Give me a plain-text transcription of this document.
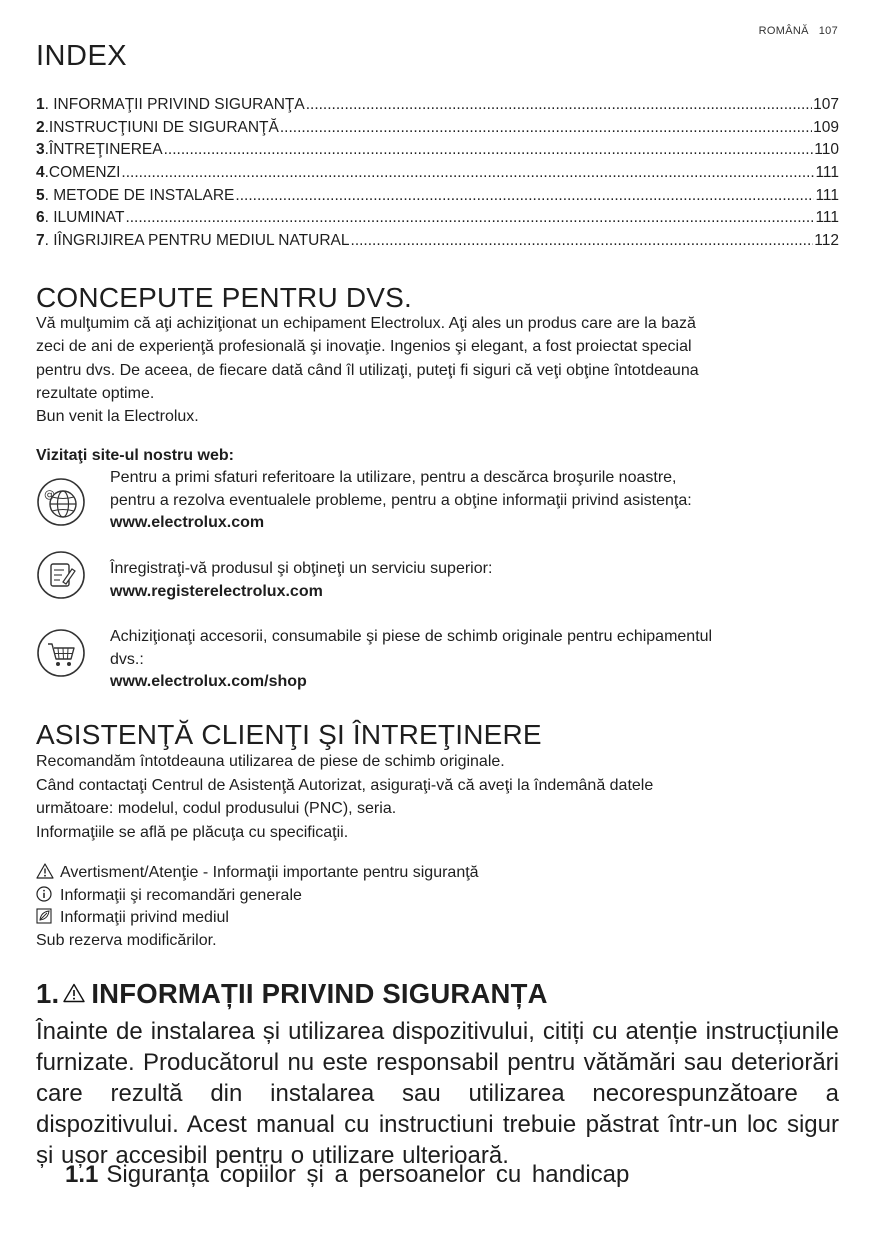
ROMÂNĂ 107
INDEX
1 . INFORMAŢII PRIVIND SIGURANŢA .....	107
2 .INSTRUCŢIUNI DE SIGURANŢĂ .....	109
3 .ÎNTREŢINEREA .....	110
4 .COMENZI .....	111
5 . METODE DE INSTALARE .....	111
6 . ILUMINAT .....	111
7 . IÎNGRIJIREA PENTRU MEDIUL NATURAL .....	112
CONCEPUTE PENTRU DVS.
Vă mulţumim că aţi achiziţionat un echipament Electrolux. Aţi ales un produs care are la bază
zeci de ani de experienţă profesională şi inovaţie. Ingenios şi elegant, a fost proiectat special
pentru dvs. De aceea, de fiecare dată când îl utilizaţi, puteţi fi siguri că veţi obţine întotdeauna
rezultate optime.
Bun venit la Electrolux.
Vizitaţi site-ul nostru web:
@
Pentru a primi sfaturi referitoare la utilizare, pentru a descărca broşurile noastre,
pentru a rezolva eventualele probleme, pentru a obţine informaţii privind asistenţa:
www.electrolux.com
Înregistraţi-vă produsul şi obţineţi un serviciu superior:
www.registerelectrolux.com
Achiziţionaţi accesorii, consumabile şi piese de schimb originale pentru echipamentul
dvs.:
www.electrolux.com/shop
ASISTENŢĂ CLIENŢI ŞI ÎNTREŢINERE
Recomandăm întotdeauna utilizarea de piese de schimb originale.
Când contactaţi Centrul de Asistenţă Autorizat, asiguraţi-vă că aveţi la îndemână datele
următoare: modelul, codul produsului (PNC), seria.
Informaţiile se află pe plăcuţa cu specificaţii.
Avertisment/Atenţie - Informaţii importante pentru siguranţă
Informaţii şi recomandări generale
Informaţii privind mediul
Sub rezerva modificărilor.
1. INFORMAȚII PRIVIND SIGURANȚA
Înainte de instalarea și utilizarea dispozitivului, citiți cu atenție instrucțiunile furnizate. Producătorul nu este responsabil pentru vătămări sau deteriorări care rezultă din instalarea sau utilizarea necorespunzătoare a dispozitivului. Acest manual cu instructiuni trebuie păstrat într-un loc sigur și ușor accesibil pentru o utilizare ulterioară.
1.1 Siguranța copiilor și a persoanelor cu handicap
